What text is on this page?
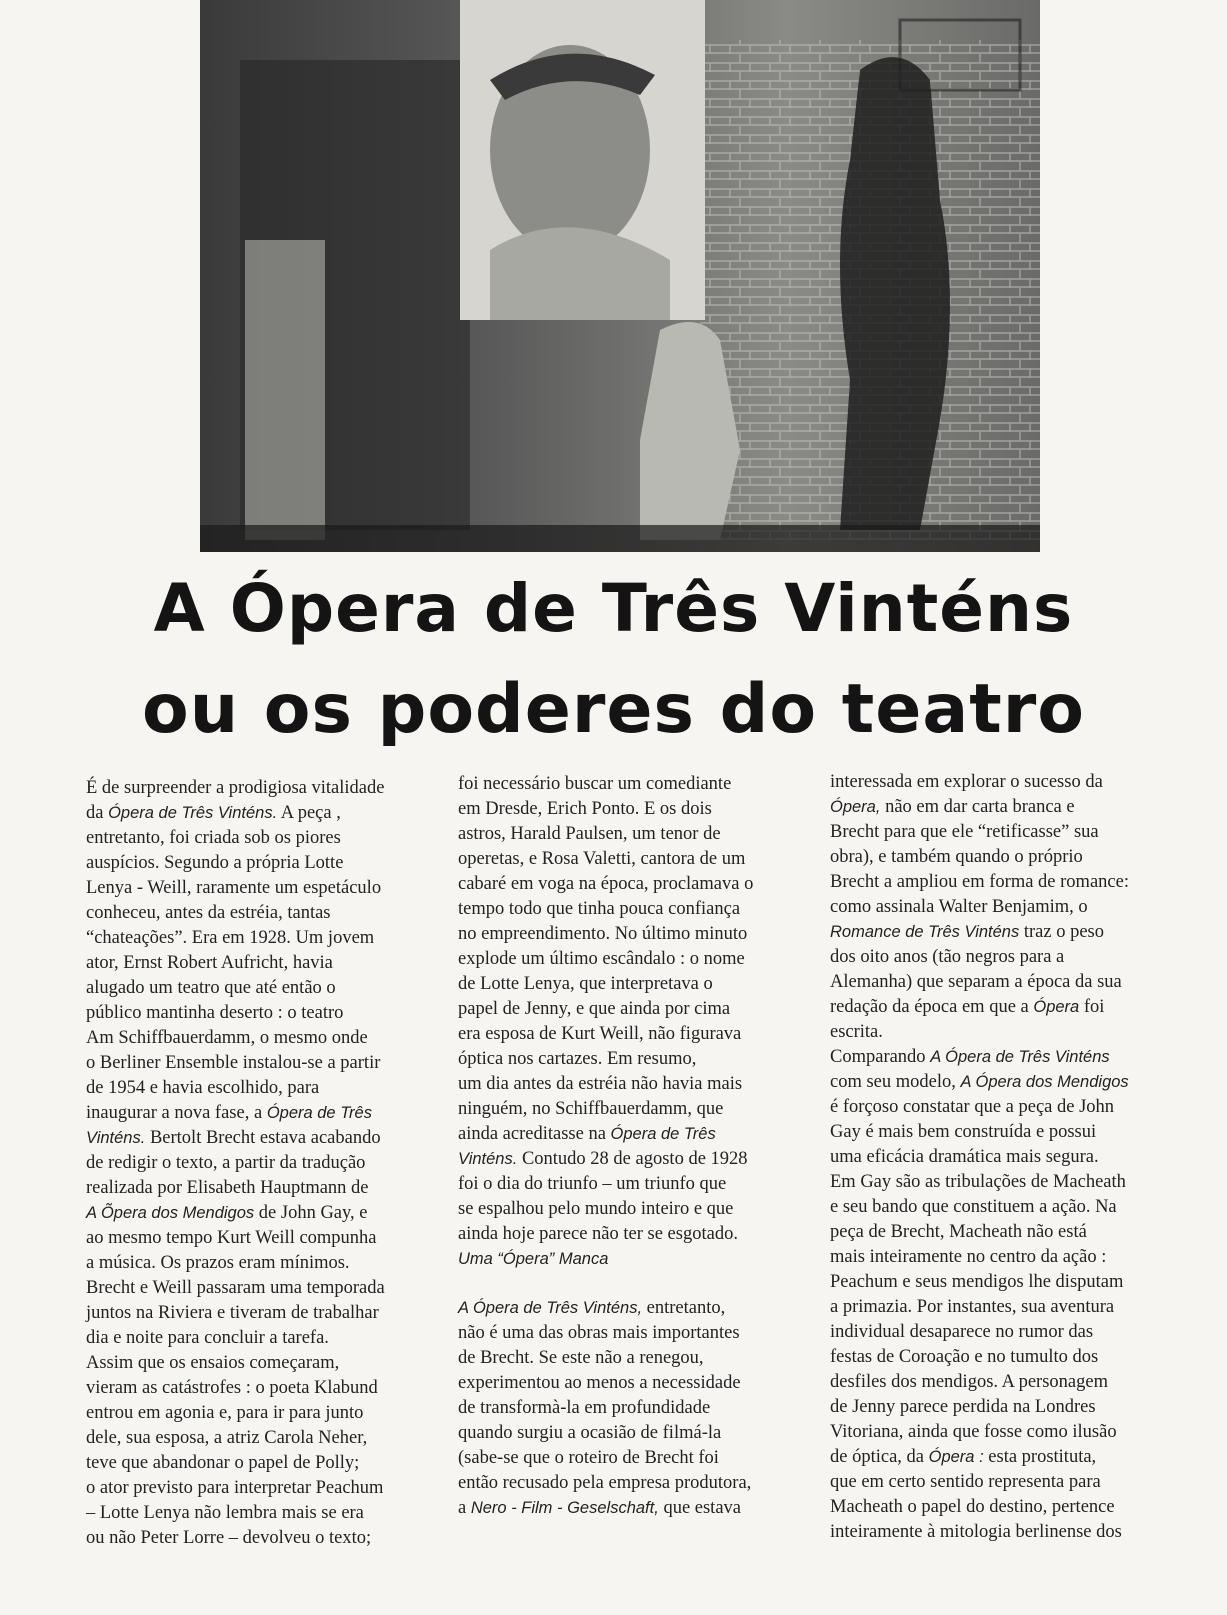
A Ópera de Três Vinténs
ou os poderes do teatro
É de surpreender a prodigiosa vitalidade
da Ópera de Três Vinténs. A peça ,
entretanto, foi criada sob os piores
auspícios. Segundo a própria Lotte
Lenya - Weill, raramente um espetáculo
conheceu, antes da estréia, tantas
“chateações”. Era em 1928. Um jovem
ator, Ernst Robert Aufricht, havia
alugado um teatro que até então o
público mantinha deserto : o teatro
Am Schiffbauerdamm, o mesmo onde
o Berliner Ensemble instalou-se a partir
de 1954 e havia escolhido, para
inaugurar a nova fase, a Ópera de Três
Vinténs. Bertolt Brecht estava acabando
de redigir o texto, a partir da tradução
realizada por Elisabeth Hauptmann de
A Õpera dos Mendigos de John Gay, e
ao mesmo tempo Kurt Weill compunha
a música. Os prazos eram mínimos.
Brecht e Weill passaram uma temporada
juntos na Riviera e tiveram de trabalhar
dia e noite para concluir a tarefa.
Assim que os ensaios começaram,
vieram as catástrofes : o poeta Klabund
entrou em agonia e, para ir para junto
dele, sua esposa, a atriz Carola Neher,
teve que abandonar o papel de Polly;
o ator previsto para interpretar Peachum
– Lotte Lenya não lembra mais se era
ou não Peter Lorre – devolveu o texto;
foi necessário buscar um comediante
em Dresde, Erich Ponto. E os dois
astros, Harald Paulsen, um tenor de
operetas, e Rosa Valetti, cantora de um
cabaré em voga na época, proclamava o
tempo todo que tinha pouca confiança
no empreendimento. No último minuto
explode um último escândalo : o nome
de Lotte Lenya, que interpretava o
papel de Jenny, e que ainda por cima
era esposa de Kurt Weill, não figurava
óptica nos cartazes. Em resumo,
um dia antes da estréia não havia mais
ninguém, no Schiffbauerdamm, que
ainda acreditasse na Ópera de Três
Vinténs. Contudo 28 de agosto de 1928
foi o dia do triunfo – um triunfo que
se espalhou pelo mundo inteiro e que
ainda hoje parece não ter se esgotado.

Uma “Ópera” Manca

A Ópera de Três Vinténs, entretanto,
não é uma das obras mais importantes
de Brecht. Se este não a renegou,
experimentou ao menos a necessidade
de transformà-la em profundidade
quando surgiu a ocasião de filmá-la
(sabe-se que o roteiro de Brecht foi
então recusado pela empresa produtora,
a Nero - Film - Geselschaft, que estava
interessada em explorar o sucesso da
Ópera, não em dar carta branca e
Brecht para que ele “retificasse” sua
obra), e também quando o próprio
Brecht a ampliou em forma de romance:
como assinala Walter Benjamim, o
Romance de Três Vinténs traz o peso
dos oito anos (tão negros para a
Alemanha) que separam a época da sua
redação da época em que a Ópera foi
escrita.
Comparando A Ópera de Três Vinténs
com seu modelo, A Ópera dos Mendigos
é forçoso constatar que a peça de John
Gay é mais bem construída e possui
uma eficácia dramática mais segura.
Em Gay são as tribulações de Macheath
e seu bando que constituem a ação. Na
peça de Brecht, Macheath não está
mais inteiramente no centro da ação :
Peachum e seus mendigos lhe disputam
a primazia. Por instantes, sua aventura
individual desaparece no rumor das
festas de Coroação e no tumulto dos
desfiles dos mendigos. A personagem
de Jenny parece perdida na Londres
Vitoriana, ainda que fosse como ilusão
de óptica, da Ópera : esta prostituta,
que em certo sentido representa para
Macheath o papel do destino, pertence
inteiramente à mitologia berlinense dos
